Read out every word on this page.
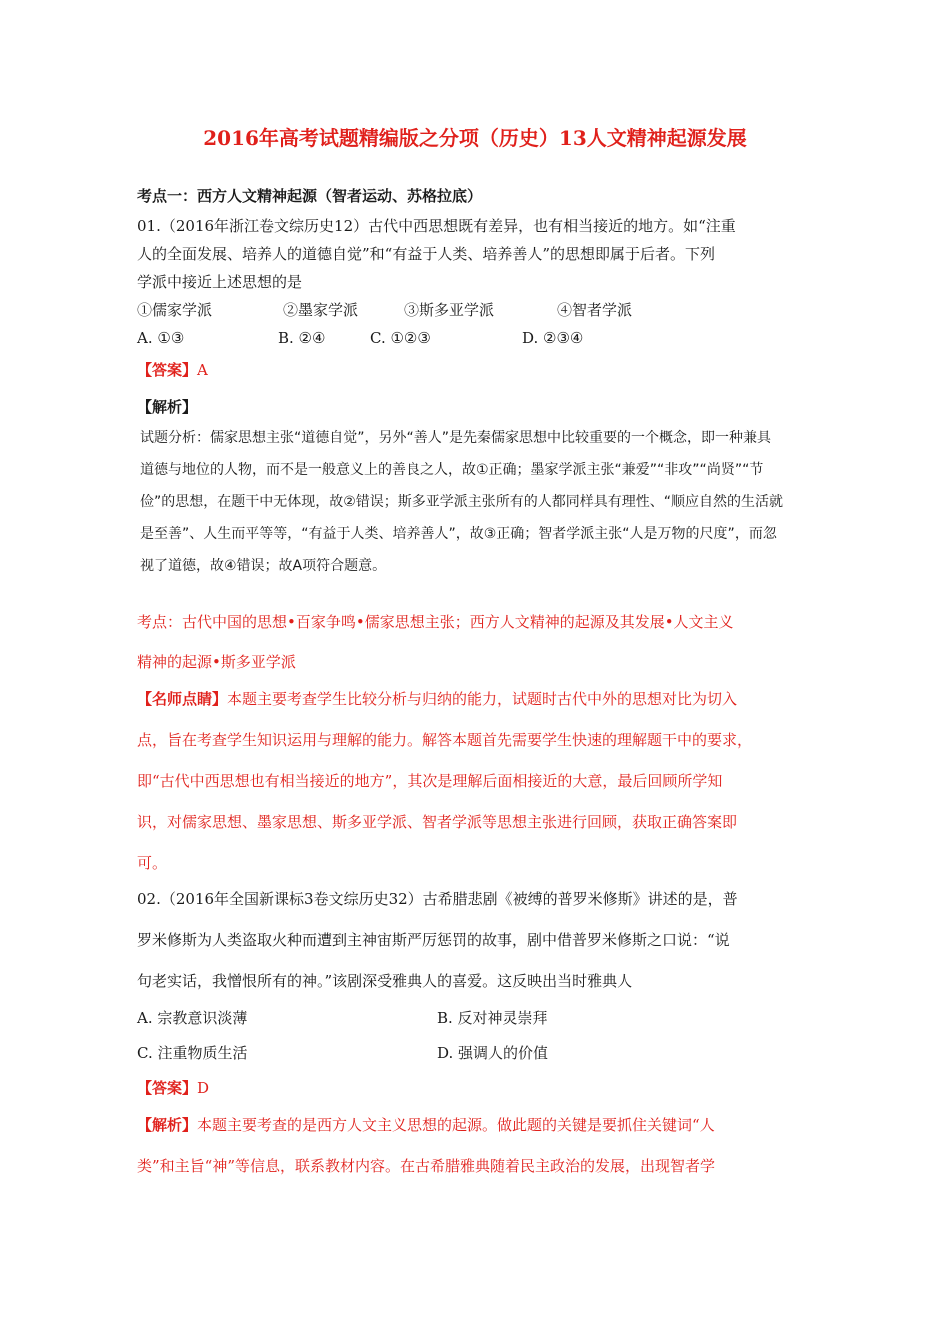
2016年高考试题精编版之分项（历史）13人文精神起源发展
考点一：西方人文精神起源（智者运动、苏格拉底）
01.（2016年浙江卷文综历史12）古代中西思想既有差异，也有相当接近的地方。如“注重
人的全面发展、培养人的道德自觉”和“有益于人类、培养善人”的思想即属于后者。下列
学派中接近上述思想的是
①儒家学派	②墨家学派	③斯多亚学派	④智者学派
A. ①③	B. ②④	C. ①②③	D. ②③④
【答案】A
【解析】
试题分析：儒家思想主张“道德自觉”，另外“善人”是先秦儒家思想中比较重要的一个概念，即一种兼具
道德与地位的人物，而不是一般意义上的善良之人，故①正确；墨家学派主张“兼爱”“非攻”“尚贤”“节
俭”的思想，在题干中无体现，故②错误；斯多亚学派主张所有的人都同样具有理性、“顺应自然的生活就
是至善”、人生而平等等，“有益于人类、培养善人”，故③正确；智者学派主张“人是万物的尺度”，而忽
视了道德，故④错误；故A项符合题意。
考点：古代中国的思想•百家争鸣•儒家思想主张；西方人文精神的起源及其发展•人文主义
精神的起源•斯多亚学派
【名师点睛】本题主要考查学生比较分析与归纳的能力，试题时古代中外的思想对比为切入
点，旨在考查学生知识运用与理解的能力。解答本题首先需要学生快速的理解题干中的要求，
即“古代中西思想也有相当接近的地方”，其次是理解后面相接近的大意，最后回顾所学知
识，对儒家思想、墨家思想、斯多亚学派、智者学派等思想主张进行回顾，获取正确答案即
可。
02.（2016年全国新课标3卷文综历史32）古希腊悲剧《被缚的普罗米修斯》讲述的是，普
罗米修斯为人类盗取火种而遭到主神宙斯严厉惩罚的故事，剧中借普罗米修斯之口说：“说
句老实话，我憎恨所有的神。”该剧深受雅典人的喜爱。这反映出当时雅典人
A. 宗教意识淡薄	B. 反对神灵崇拜
C. 注重物质生活	D. 强调人的价值
【答案】D
【解析】本题主要考查的是西方人文主义思想的起源。做此题的关键是要抓住关键词“人
类”和主旨“神”等信息，联系教材内容。在古希腊雅典随着民主政治的发展，出现智者学
